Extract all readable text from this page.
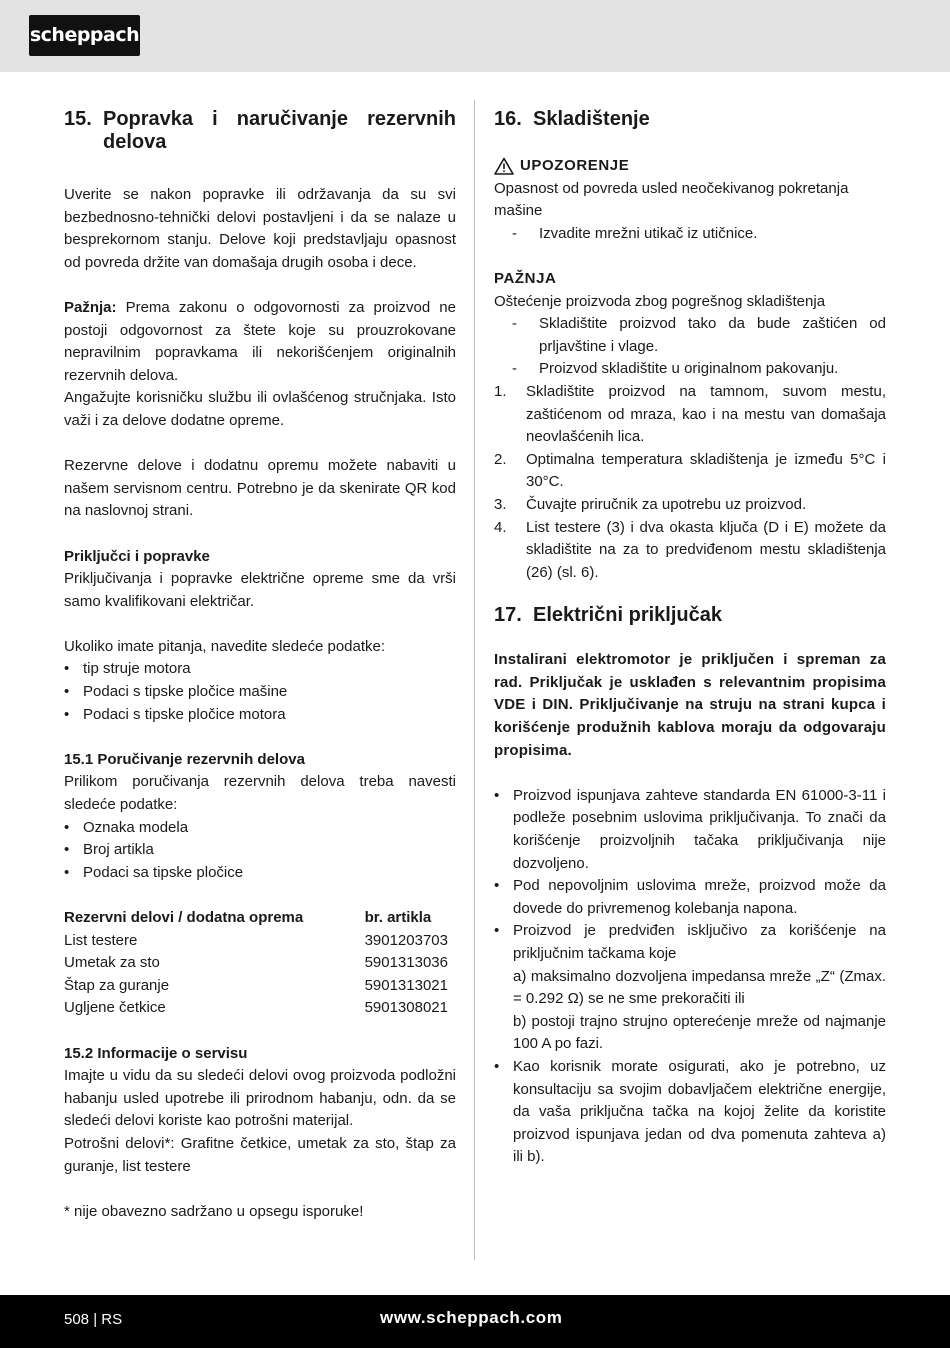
scheppach
15. Popravka i naručivanje rezervnih delova

Uverite se nakon popravke ili održavanja da su svi bezbednosno-tehnički delovi postavljeni i da se nalaze u besprekornom stanju. Delove koji predstavljaju opasnost od povreda držite van domašaja drugih osoba i dece.

Pažnja: Prema zakonu o odgovornosti za proizvod ne postoji odgovornost za štete koje su prouzrokovane nepravilnim popravkama ili nekorišćenjem originalnih rezervnih delova.

Angažujte korisničku službu ili ovlašćenog stručnjaka. Isto važi i za delove dodatne opreme.

Rezervne delove i dodatnu opremu možete nabaviti u našem servisnom centru. Potrebno je da skenirate QR kod na naslovnoj strani.

Priključci i popravke

Priključivanja i popravke električne opreme sme da vrši samo kvalifikovani električar.

Ukoliko imate pitanja, navedite sledeće podatke:

• tip struje motora
• Podaci s tipske pločice mašine
• Podaci s tipske pločice motora

15.1 Poručivanje rezervnih delova

Prilikom poručivanja rezervnih delova treba navesti sledeće podatke:

• Oznaka modela
• Broj artikla
• Podaci sa tipske pločice
Rezervni delovi / dodatna oprema	br. artikla
List testere	3901203703
Umetak za sto	5901313036
Štap za guranje	5901313021
Ugljene četkice	5901308021

15.2 Informacije o servisu

Imajte u vidu da su sledeći delovi ovog proizvoda podložni habanju usled upotrebe ili prirodnom habanju, odn. da se sledeći delovi koriste kao potrošni materijal.

Potrošni delovi*: Grafitne četkice, umetak za sto, štap za guranje, list testere

* nije obavezno sadržano u opsegu isporuke!

16. Skladištenje
UPOZORENJE

Opasnost od povreda usled neočekivanog pokretanja mašine

- Izvadite mrežni utikač iz utičnice.

PAŽNJA

Oštećenje proizvoda zbog pogrešnog skladištenja

- Skladištite proizvod tako da bude zaštićen od prljavštine i vlage.
- Proizvod skladištite u originalnom pakovanju.
1. Skladištite proizvod na tamnom, suvom mestu, zaštićenom od mraza, kao i na mestu van domašaja neovlašćenih lica.
2. Optimalna temperatura skladištenja je između 5°C i 30°C.
3. Čuvajte priručnik za upotrebu uz proizvod.
4. List testere (3) i dva okasta ključa (D i E) možete da skladištite na za to predviđenom mestu skladištenja (26) (sl. 6).
17. Električni priključak

Instalirani elektromotor je priključen i spreman za rad. Priključak je usklađen s relevantnim propisima VDE i DIN. Priključivanje na struju na strani kupca i korišćenje produžnih kablova moraju da odgovaraju propisima.

• Proizvod ispunjava zahteve standarda EN 61000-3-11 i podleže posebnim uslovima priključivanja. To znači da korišćenje proizvoljnih tačaka priključivanja nije dozvoljeno.
• Pod nepovoljnim uslovima mreže, proizvod može da dovede do privremenog kolebanja napona.
• Proizvod je predviđen isključivo za korišćenje na priključnim tačkama koje
a) maksimalno dozvoljena impedansa mreže „Z“ (Zmax. = 0.292 Ω) se ne sme prekoračiti ili
b) postoji trajno strujno opterećenje mreže od najmanje 100 A po fazi.
• Kao korisnik morate osigurati, ako je potrebno, uz konsultaciju sa svojim dobavljačem električne energije, da vaša priključna tačka na kojoj želite da koristite proizvod ispunjava jedan od dva pomenuta zahteva a) ili b).
508 | RS	www.scheppach.com
